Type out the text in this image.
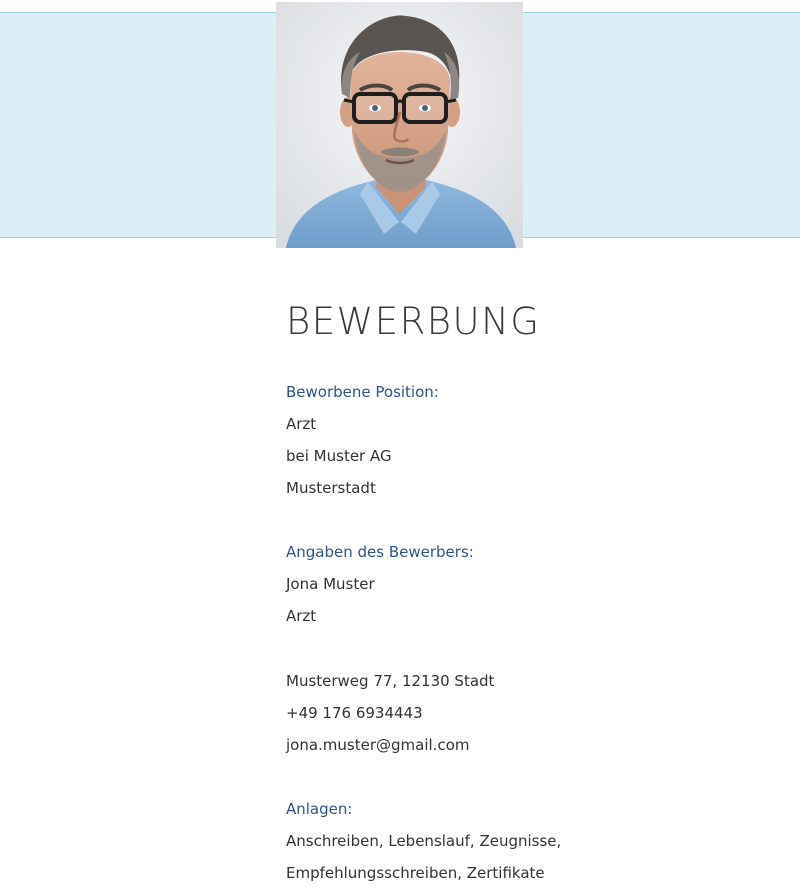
BEWERBUNG
Beworbene Position:
Arzt
bei Muster AG
Musterstadt
Angaben des Bewerbers:
Jona Muster
Arzt
Musterweg 77, 12130 Stadt
+49 176 6934443
jona.muster@gmail.com
Anlagen:
Anschreiben, Lebenslauf, Zeugnisse,
Empfehlungsschreiben, Zertifikate
